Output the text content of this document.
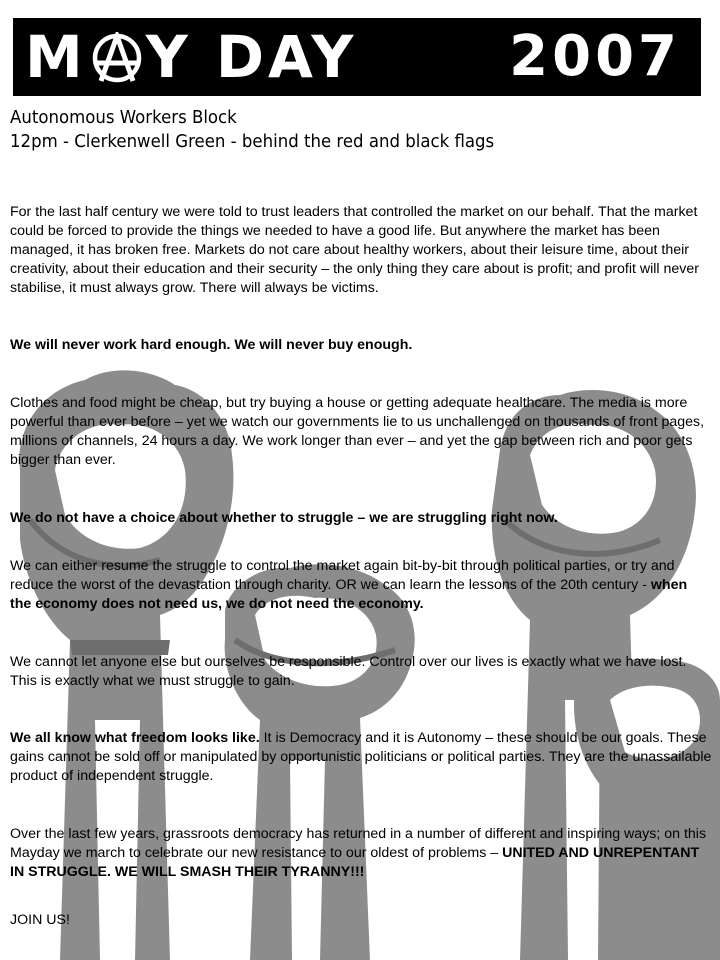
M Y DAY	2007
Autonomous Workers Block
12pm - Clerkenwell Green - behind the red and black flags

For the last half century we were told to trust leaders that controlled the market on our behalf. That the market could be forced to provide the things we needed to have a good life. But anywhere the market has been managed, it has broken free. Markets do not care about healthy workers, about their leisure time, about their creativity, about their education and their security – the only thing they care about is profit; and profit will never stabilise, it must always grow. There will always be victims.

We will never work hard enough. We will never buy enough.

Clothes and food might be cheap, but try buying a house or getting adequate healthcare. The media is more powerful than ever before – yet we watch our governments lie to us unchallenged on thousands of front pages, millions of channels, 24 hours a day. We work longer than ever – and yet the gap between rich and poor gets bigger than ever.

We do not have a choice about whether to struggle – we are struggling right now.

We can either resume the struggle to control the market again bit-by-bit through political parties, or try and reduce the worst of the devastation through charity. OR we can learn the lessons of the 20th century - when the economy does not need us, we do not need the economy.

We cannot let anyone else but ourselves be responsible. Control over our lives is exactly what we have lost. This is exactly what we must struggle to gain.

We all know what freedom looks like. It is Democracy and it is Autonomy – these should be our goals. These gains cannot be sold off or manipulated by opportunistic politicians or political parties. They are the unassailable product of independent struggle.

Over the last few years, grassroots democracy has returned in a number of different and inspiring ways; on this Mayday we march to celebrate our new resistance to our oldest of problems – UNITED AND UNREPENTANT IN STRUGGLE. WE WILL SMASH THEIR TYRANNY!!!

JOIN US!
